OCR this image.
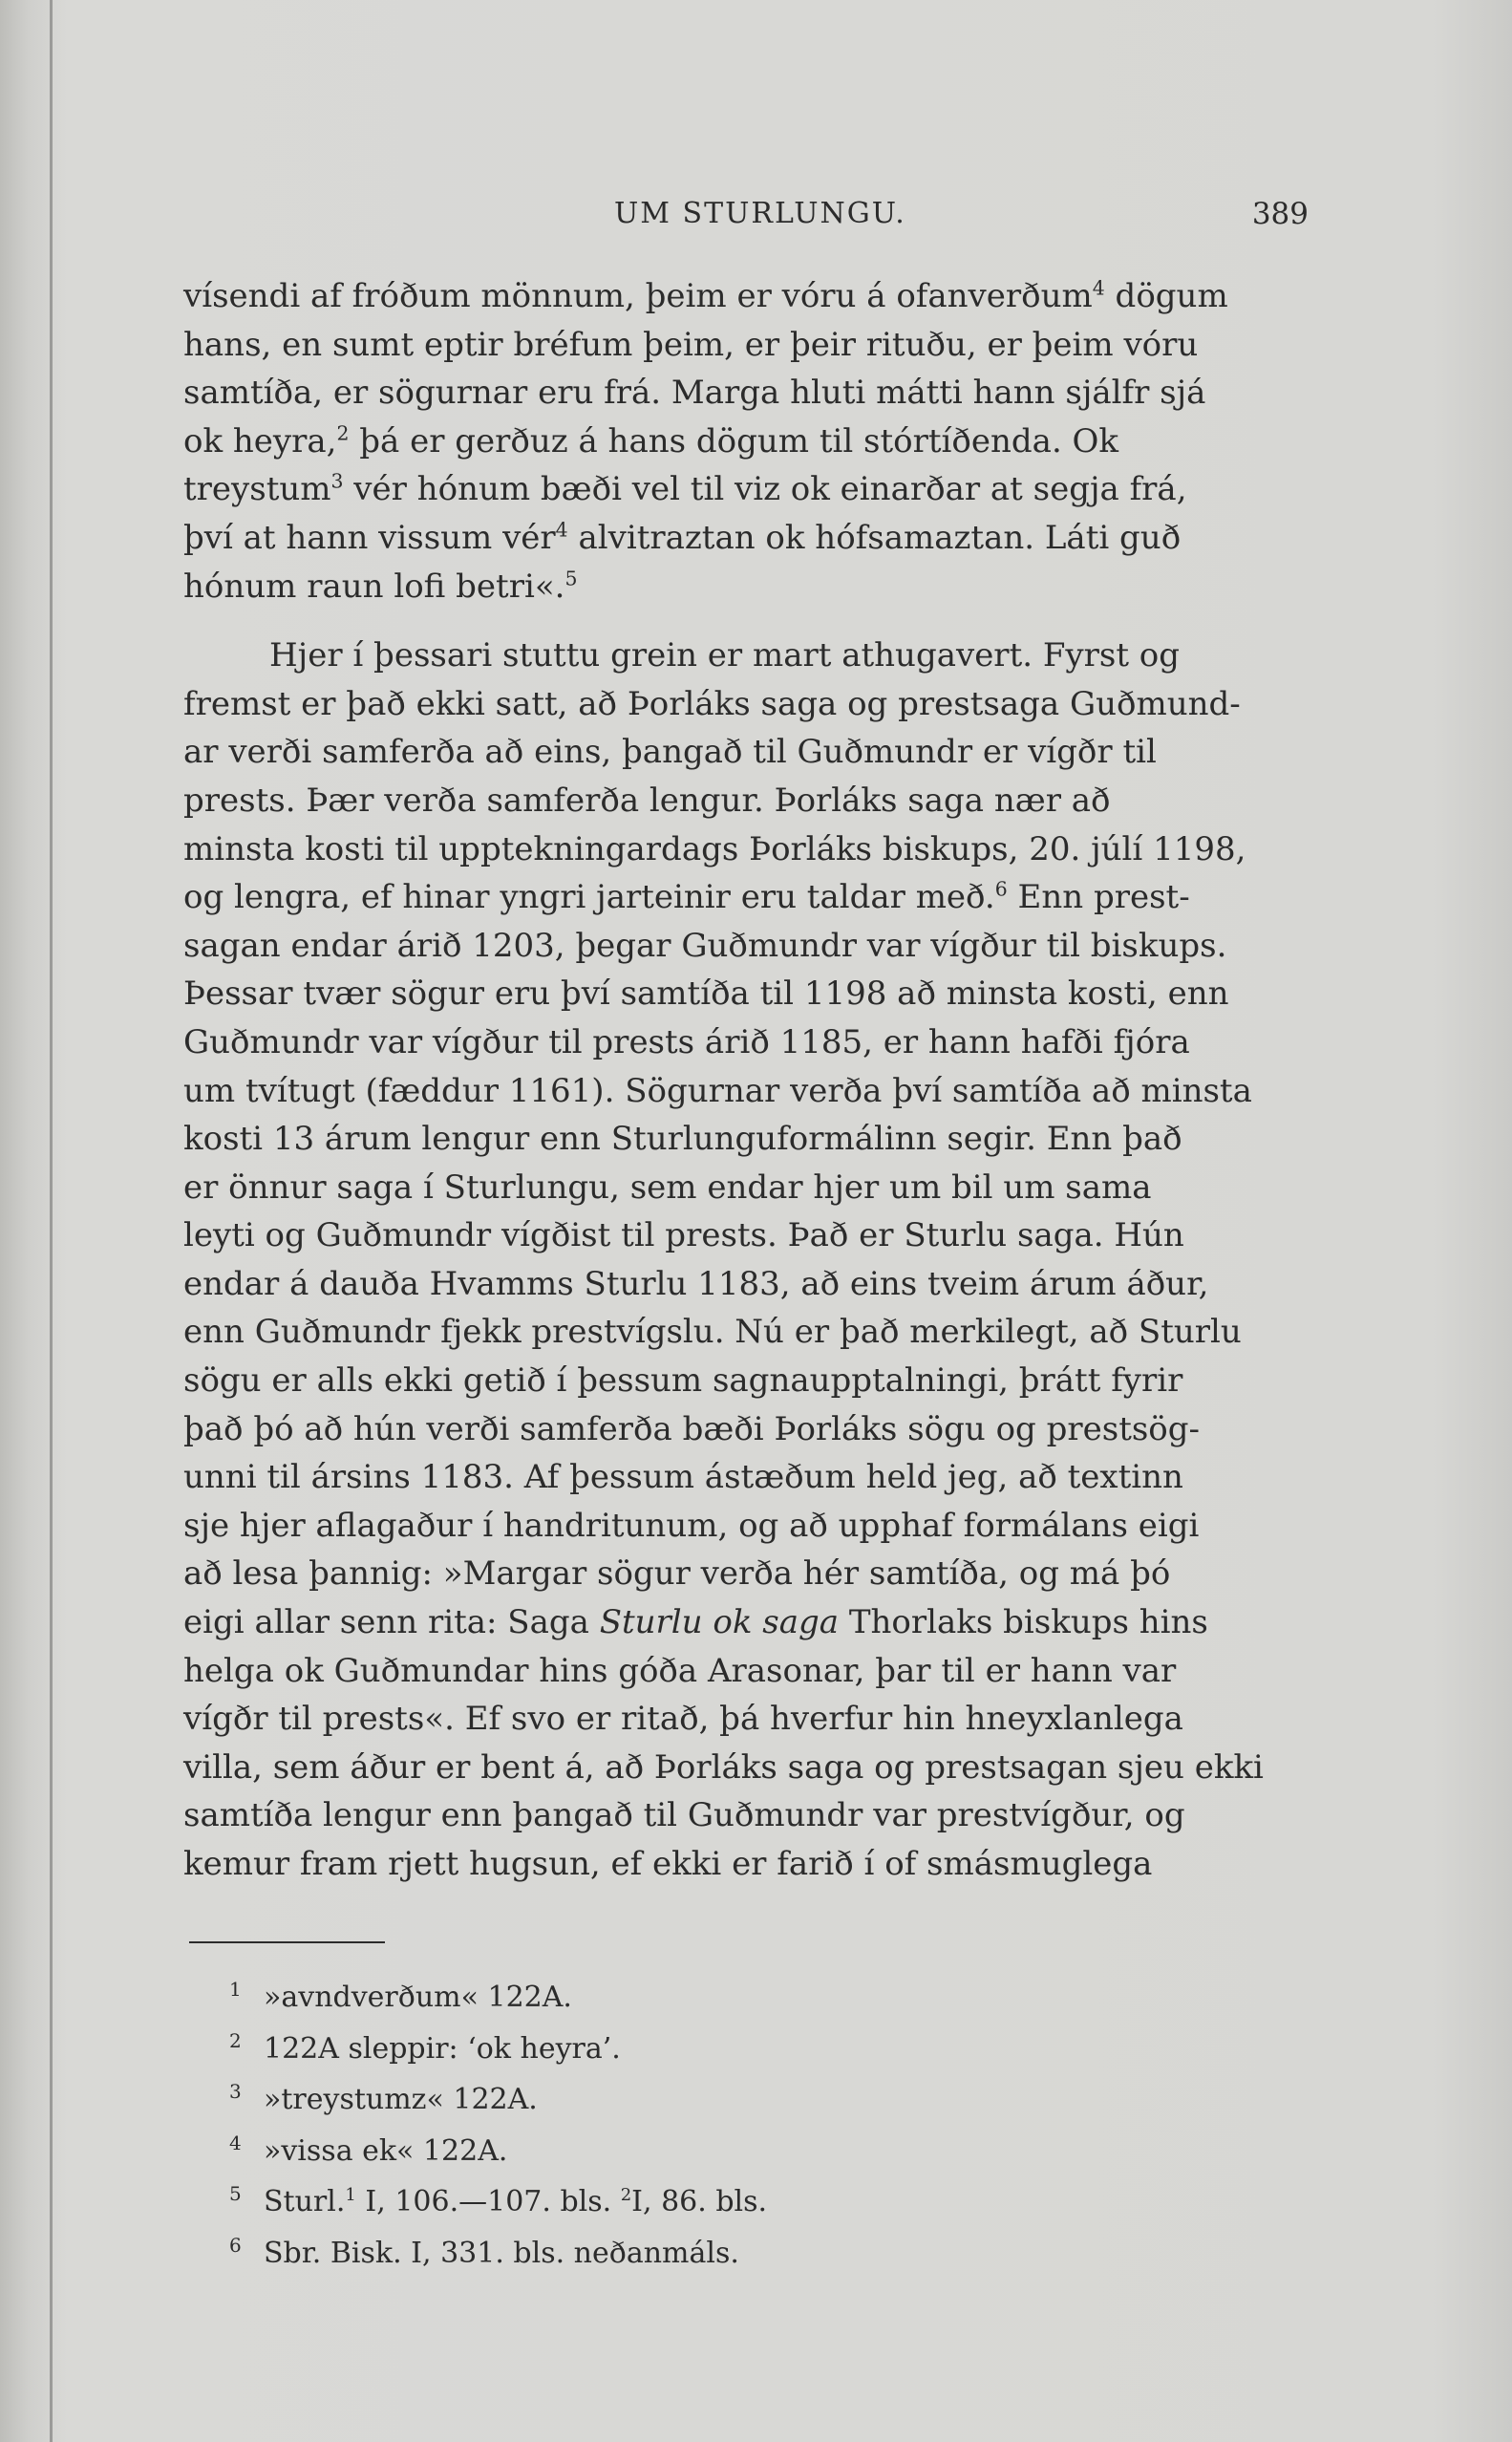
UM STURLUNGU.	389
vísendi af fróðum mönnum, þeim er vóru á ofanverðum$^4$ dögum
hans, en sumt eptir bréfum þeim, er þeir rituðu, er þeim vóru
samtíða, er sögurnar eru frá. Marga hluti mátti hann sjálfr sjá
ok heyra,$^2$ þá er gerðuz á hans dögum til stórtíðenda. Ok
treystum$^3$ vér hónum bæði vel til viz ok einarðar at segja frá,
því at hann vissum vér$^4$ alvitraztan ok hófsamaztan. Láti guð
hónum raun lofi betri«.$^5$
Hjer í þessari stuttu grein er mart athugavert. Fyrst og
fremst er það ekki satt, að Þorláks saga og prestsaga Guðmund-
ar verði samferða að eins, þangað til Guðmundr er vígðr til
prests. Þær verða samferða lengur. Þorláks saga nær að
minsta kosti til upptekningardags Þorláks biskups, 20. júlí 1198,
og lengra, ef hinar yngri jarteinir eru taldar með.$^6$ Enn prest-
sagan endar árið 1203, þegar Guðmundr var vígður til biskups.
Þessar tvær sögur eru því samtíða til 1198 að minsta kosti, enn
Guðmundr var vígður til prests árið 1185, er hann hafði fjóra
um tvítugt (fæddur 1161). Sögurnar verða því samtíða að minsta
kosti 13 árum lengur enn Sturlunguformálinn segir. Enn það
er önnur saga í Sturlungu, sem endar hjer um bil um sama
leyti og Guðmundr vígðist til prests. Það er Sturlu saga. Hún
endar á dauða Hvamms Sturlu 1183, að eins tveim árum áður,
enn Guðmundr fjekk prestvígslu. Nú er það merkilegt, að Sturlu
sögu er alls ekki getið í þessum sagnaupptalningi, þrátt fyrir
það þó að hún verði samferða bæði Þorláks sögu og prestsög-
unni til ársins 1183. Af þessum ástæðum held jeg, að textinn
sje hjer aflagaður í handritunum, og að upphaf formálans eigi
að lesa þannig: »Margar sögur verða hér samtíða, og má þó
eigi allar senn rita: Saga Sturlu ok saga Thorlaks biskups hins
helga ok Guðmundar hins góða Arasonar, þar til er hann var
vígðr til prests«. Ef svo er ritað, þá hverfur hin hneyxlanlega
villa, sem áður er bent á, að Þorláks saga og prestsagan sjeu ekki
samtíða lengur enn þangað til Guðmundr var prestvígður, og
kemur fram rjett hugsun, ef ekki er farið í of smásmuglega
1 »avndverðum« 122A.
2 122A sleppir: ‘ok heyra’.
3 »treystumz« 122A.
4 »vissa ek« 122A.
5 Sturl.$^1$ I, 106.—107. bls. $^2$I, 86. bls.
6 Sbr. Bisk. I, 331. bls. neðanmáls.
